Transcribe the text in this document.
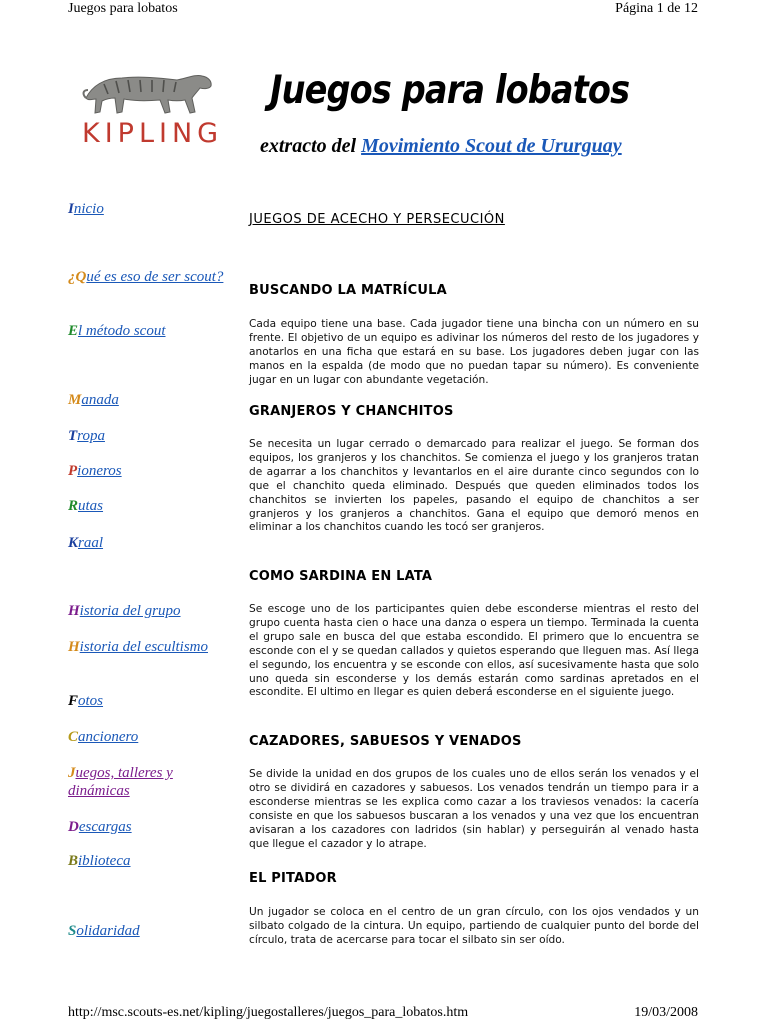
Juegos para lobatos	Página 1 de 12
KIPLING
Juegos para lobatos
extracto del Movimiento Scout de Ururguay
Inicio
¿Qué es eso de ser scout?
El método scout
Manada
Tropa
Pioneros
Rutas
Kraal
Historia del grupo
Historia del escultismo
Fotos
Cancionero
Juegos, talleres y dinámicas
Descargas
Biblioteca
Solidaridad
JUEGOS DE ACECHO Y PERSECUCIÓN
BUSCANDO LA MATRÍCULA
Cada equipo tiene una base. Cada jugador tiene una bincha con un número en su frente. El objetivo de un equipo es adivinar los números del resto de los jugadores y anotarlos en una ficha que estará en su base. Los jugadores deben jugar con las manos en la espalda (de modo que no puedan tapar su número). Es conveniente jugar en un lugar con abundante vegetación.
GRANJEROS Y CHANCHITOS
Se necesita un lugar cerrado o demarcado para realizar el juego. Se forman dos equipos, los granjeros y los chanchitos. Se comienza el juego y los granjeros tratan de agarrar a los chanchitos y levantarlos en el aire durante cinco segundos con lo que el chanchito queda eliminado. Después que queden eliminados todos los chanchitos se invierten los papeles, pasando el equipo de chanchitos a ser granjeros y los granjeros a chanchitos. Gana el equipo que demoró menos en eliminar a los chanchitos cuando les tocó ser granjeros.
COMO SARDINA EN LATA
Se escoge uno de los participantes quien debe esconderse mientras el resto del grupo cuenta hasta cien o hace una danza o espera un tiempo. Terminada la cuenta el grupo sale en busca del que estaba escondido. El primero que lo encuentra se esconde con el y se quedan callados y quietos esperando que lleguen mas. Así llega el segundo, los encuentra y se esconde con ellos, así sucesivamente hasta que solo uno queda sin esconderse y los demás estarán como sardinas apretados en el escondite. El ultimo en llegar es quien deberá esconderse en el siguiente juego.
CAZADORES, SABUESOS Y VENADOS
Se divide la unidad en dos grupos de los cuales uno de ellos serán los venados y el otro se dividirá en cazadores y sabuesos. Los venados tendrán un tiempo para ir a esconderse mientras se les explica como cazar a los traviesos venados: la cacería consiste en que los sabuesos buscaran a los venados y una vez que los encuentran avisaran a los cazadores con ladridos (sin hablar) y perseguirán al venado hasta que llegue el cazador y lo atrape.
EL PITADOR
Un jugador se coloca en el centro de un gran círculo, con los ojos vendados y un silbato colgado de la cintura. Un equipo, partiendo de cualquier punto del borde del círculo, trata de acercarse para tocar el silbato sin ser oído.
http://msc.scouts-es.net/kipling/juegostalleres/juegos_para_lobatos.htm	19/03/2008
